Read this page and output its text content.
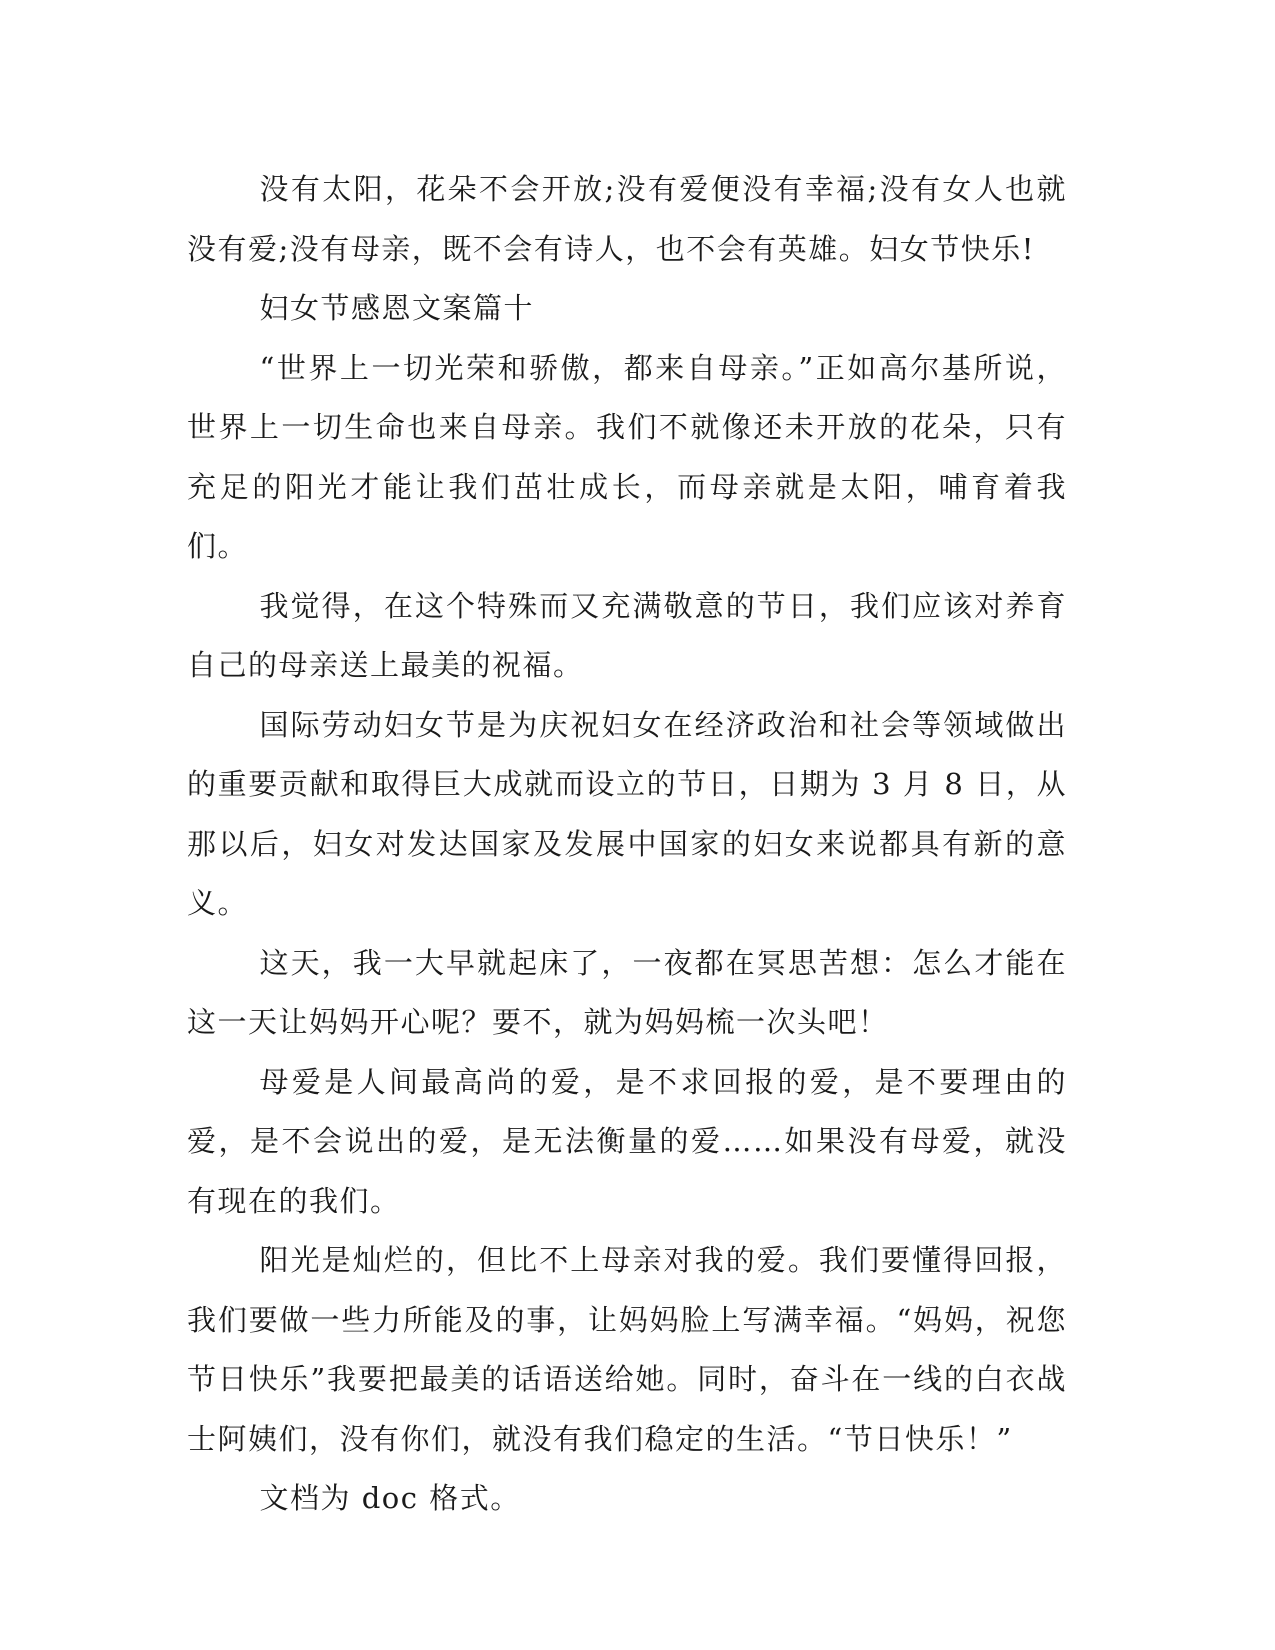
没有太阳，花朵不会开放;没有爱便没有幸福;没有女人也就没有爱;没有母亲，既不会有诗人，也不会有英雄。妇女节快乐!

妇女节感恩文案篇十

“世界上一切光荣和骄傲，都来自母亲。”正如高尔基所说，世界上一切生命也来自母亲。我们不就像还未开放的花朵，只有充足的阳光才能让我们茁壮成长，而母亲就是太阳，哺育着我们。

我觉得，在这个特殊而又充满敬意的节日，我们应该对养育自己的母亲送上最美的祝福。

国际劳动妇女节是为庆祝妇女在经济政治和社会等领域做出的重要贡献和取得巨大成就而设立的节日，日期为 3 月 8 日，从那以后，妇女对发达国家及发展中国家的妇女来说都具有新的意义。

这天，我一大早就起床了，一夜都在冥思苦想：怎么才能在这一天让妈妈开心呢？要不，就为妈妈梳一次头吧！

母爱是人间最高尚的爱，是不求回报的爱，是不要理由的爱，是不会说出的爱，是无法衡量的爱……如果没有母爱，就没有现在的我们。

阳光是灿烂的，但比不上母亲对我的爱。我们要懂得回报，我们要做一些力所能及的事，让妈妈脸上写满幸福。“妈妈，祝您节日快乐”我要把最美的话语送给她。同时，奋斗在一线的白衣战士阿姨们，没有你们，就没有我们稳定的生活。“节日快乐！”

文档为 doc 格式。
